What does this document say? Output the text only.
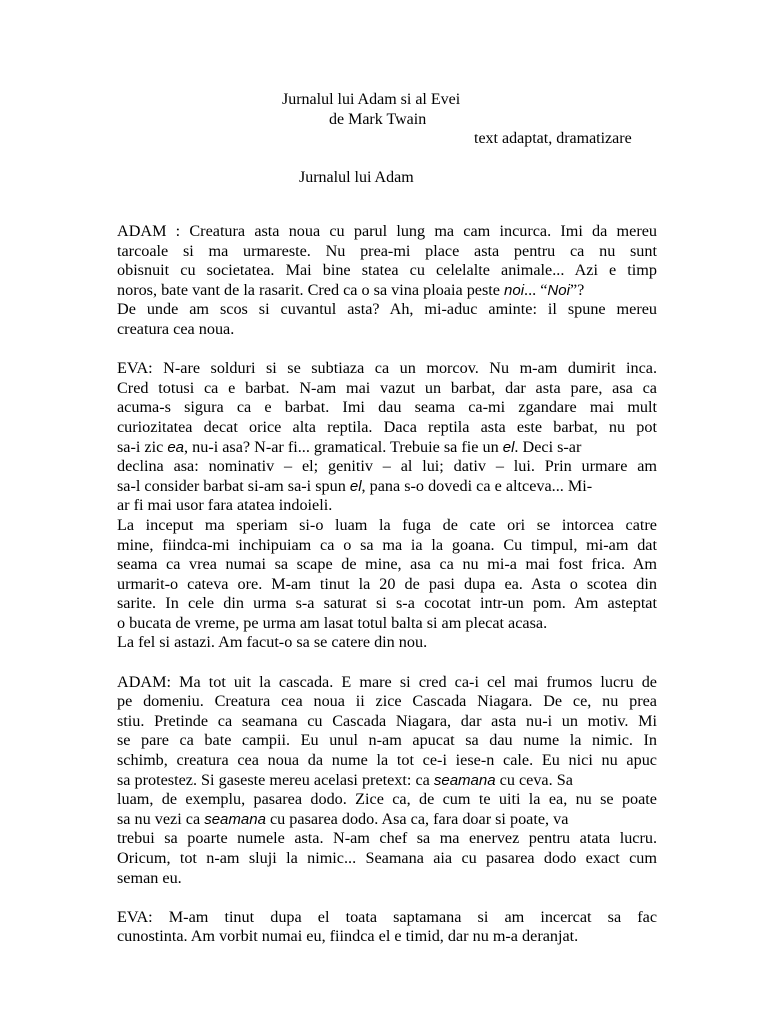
Jurnalul lui Adam si al Evei
de Mark Twain
text adaptat, dramatizare
Jurnalul lui Adam
ADAM : Creatura asta noua cu parul lung ma cam incurca. Imi da mereu
tarcoale si ma urmareste. Nu prea-mi place asta pentru ca nu sunt
obisnuit cu societatea. Mai bine statea cu celelalte animale... Azi e timp
noros, bate vant de la rasarit. Cred ca o sa vina ploaia peste noi... “Noi”?
De unde am scos si cuvantul asta? Ah, mi-aduc aminte: il spune mereu
creatura cea noua.
EVA: N-are solduri si se subtiaza ca un morcov. Nu m-am dumirit inca.
Cred totusi ca e barbat. N-am mai vazut un barbat, dar asta pare, asa ca
acuma-s sigura ca e barbat. Imi dau seama ca-mi zgandare mai mult
curiozitatea decat orice alta reptila. Daca reptila asta este barbat, nu pot
sa-i zic ea, nu-i asa? N-ar fi... gramatical. Trebuie sa fie un el. Deci s-ar
declina asa: nominativ – el; genitiv – al lui; dativ – lui. Prin urmare am
sa-l consider barbat si-am sa-i spun el, pana s-o dovedi ca e altceva... Mi-
ar fi mai usor fara atatea indoieli.
La inceput ma speriam si-o luam la fuga de cate ori se intorcea catre
mine, fiindca-mi inchipuiam ca o sa ma ia la goana. Cu timpul, mi-am dat
seama ca vrea numai sa scape de mine, asa ca nu mi-a mai fost frica. Am
urmarit-o cateva ore. M-am tinut la 20 de pasi dupa ea. Asta o scotea din
sarite. In cele din urma s-a saturat si s-a cocotat intr-un pom. Am asteptat
o bucata de vreme, pe urma am lasat totul balta si am plecat acasa.
La fel si astazi. Am facut-o sa se catere din nou.
ADAM: Ma tot uit la cascada. E mare si cred ca-i cel mai frumos lucru de
pe domeniu. Creatura cea noua ii zice Cascada Niagara. De ce, nu prea
stiu. Pretinde ca seamana cu Cascada Niagara, dar asta nu-i un motiv. Mi
se pare ca bate campii. Eu unul n-am apucat sa dau nume la nimic. In
schimb, creatura cea noua da nume la tot ce-i iese-n cale. Eu nici nu apuc
sa protestez. Si gaseste mereu acelasi pretext: ca seamana cu ceva. Sa
luam, de exemplu, pasarea dodo. Zice ca, de cum te uiti la ea, nu se poate
sa nu vezi ca seamana cu pasarea dodo. Asa ca, fara doar si poate, va
trebui sa poarte numele asta. N-am chef sa ma enervez pentru atata lucru.
Oricum, tot n-am sluji la nimic... Seamana aia cu pasarea dodo exact cum
seman eu.
EVA: M-am tinut dupa el toata saptamana si am incercat sa fac
cunostinta. Am vorbit numai eu, fiindca el e timid, dar nu m-a deranjat.
